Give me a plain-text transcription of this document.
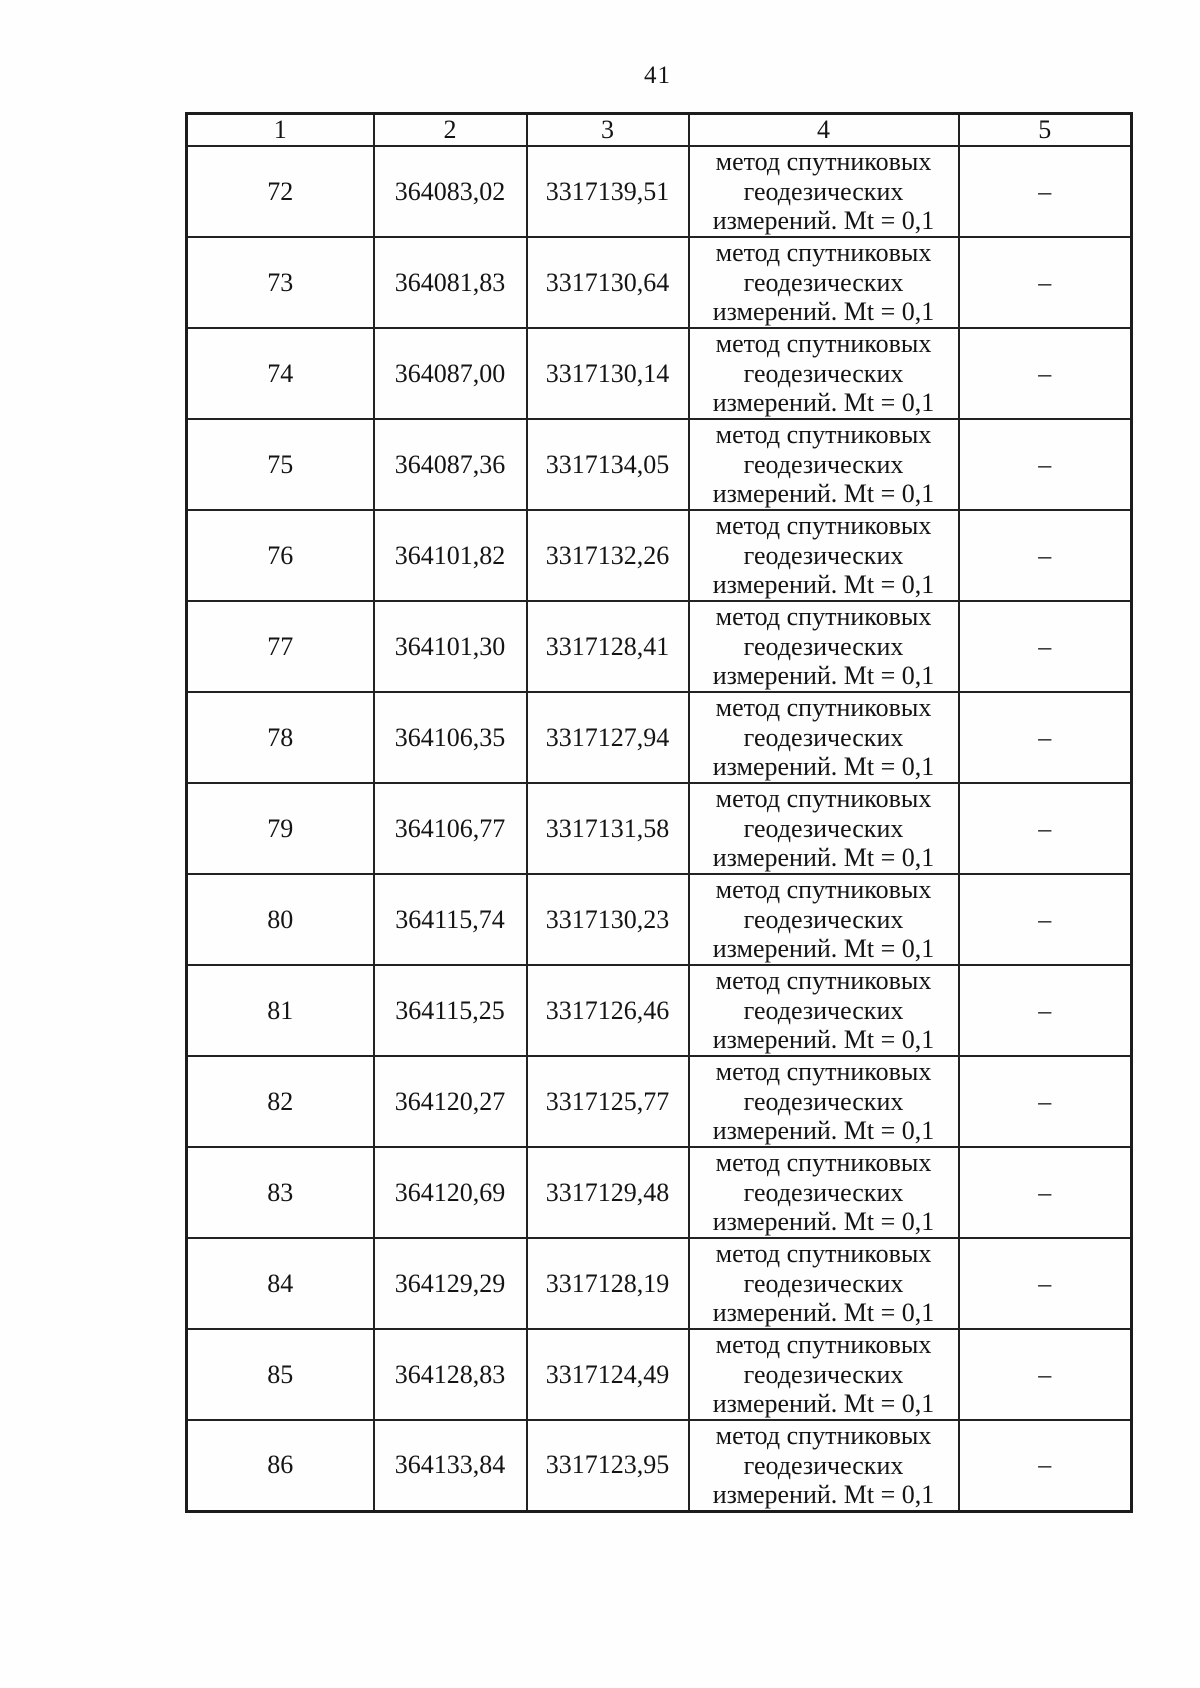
41
1	2	3	4	5
72	364083,02	3317139,51	метод спутниковых
геодезических
измерений. Mt = 0,1	–
73	364081,83	3317130,64	метод спутниковых
геодезических
измерений. Mt = 0,1	–
74	364087,00	3317130,14	метод спутниковых
геодезических
измерений. Mt = 0,1	–
75	364087,36	3317134,05	метод спутниковых
геодезических
измерений. Mt = 0,1	–
76	364101,82	3317132,26	метод спутниковых
геодезических
измерений. Mt = 0,1	–
77	364101,30	3317128,41	метод спутниковых
геодезических
измерений. Mt = 0,1	–
78	364106,35	3317127,94	метод спутниковых
геодезических
измерений. Mt = 0,1	–
79	364106,77	3317131,58	метод спутниковых
геодезических
измерений. Mt = 0,1	–
80	364115,74	3317130,23	метод спутниковых
геодезических
измерений. Mt = 0,1	–
81	364115,25	3317126,46	метод спутниковых
геодезических
измерений. Mt = 0,1	–
82	364120,27	3317125,77	метод спутниковых
геодезических
измерений. Mt = 0,1	–
83	364120,69	3317129,48	метод спутниковых
геодезических
измерений. Mt = 0,1	–
84	364129,29	3317128,19	метод спутниковых
геодезических
измерений. Mt = 0,1	–
85	364128,83	3317124,49	метод спутниковых
геодезических
измерений. Mt = 0,1	–
86	364133,84	3317123,95	метод спутниковых
геодезических
измерений. Mt = 0,1	–
